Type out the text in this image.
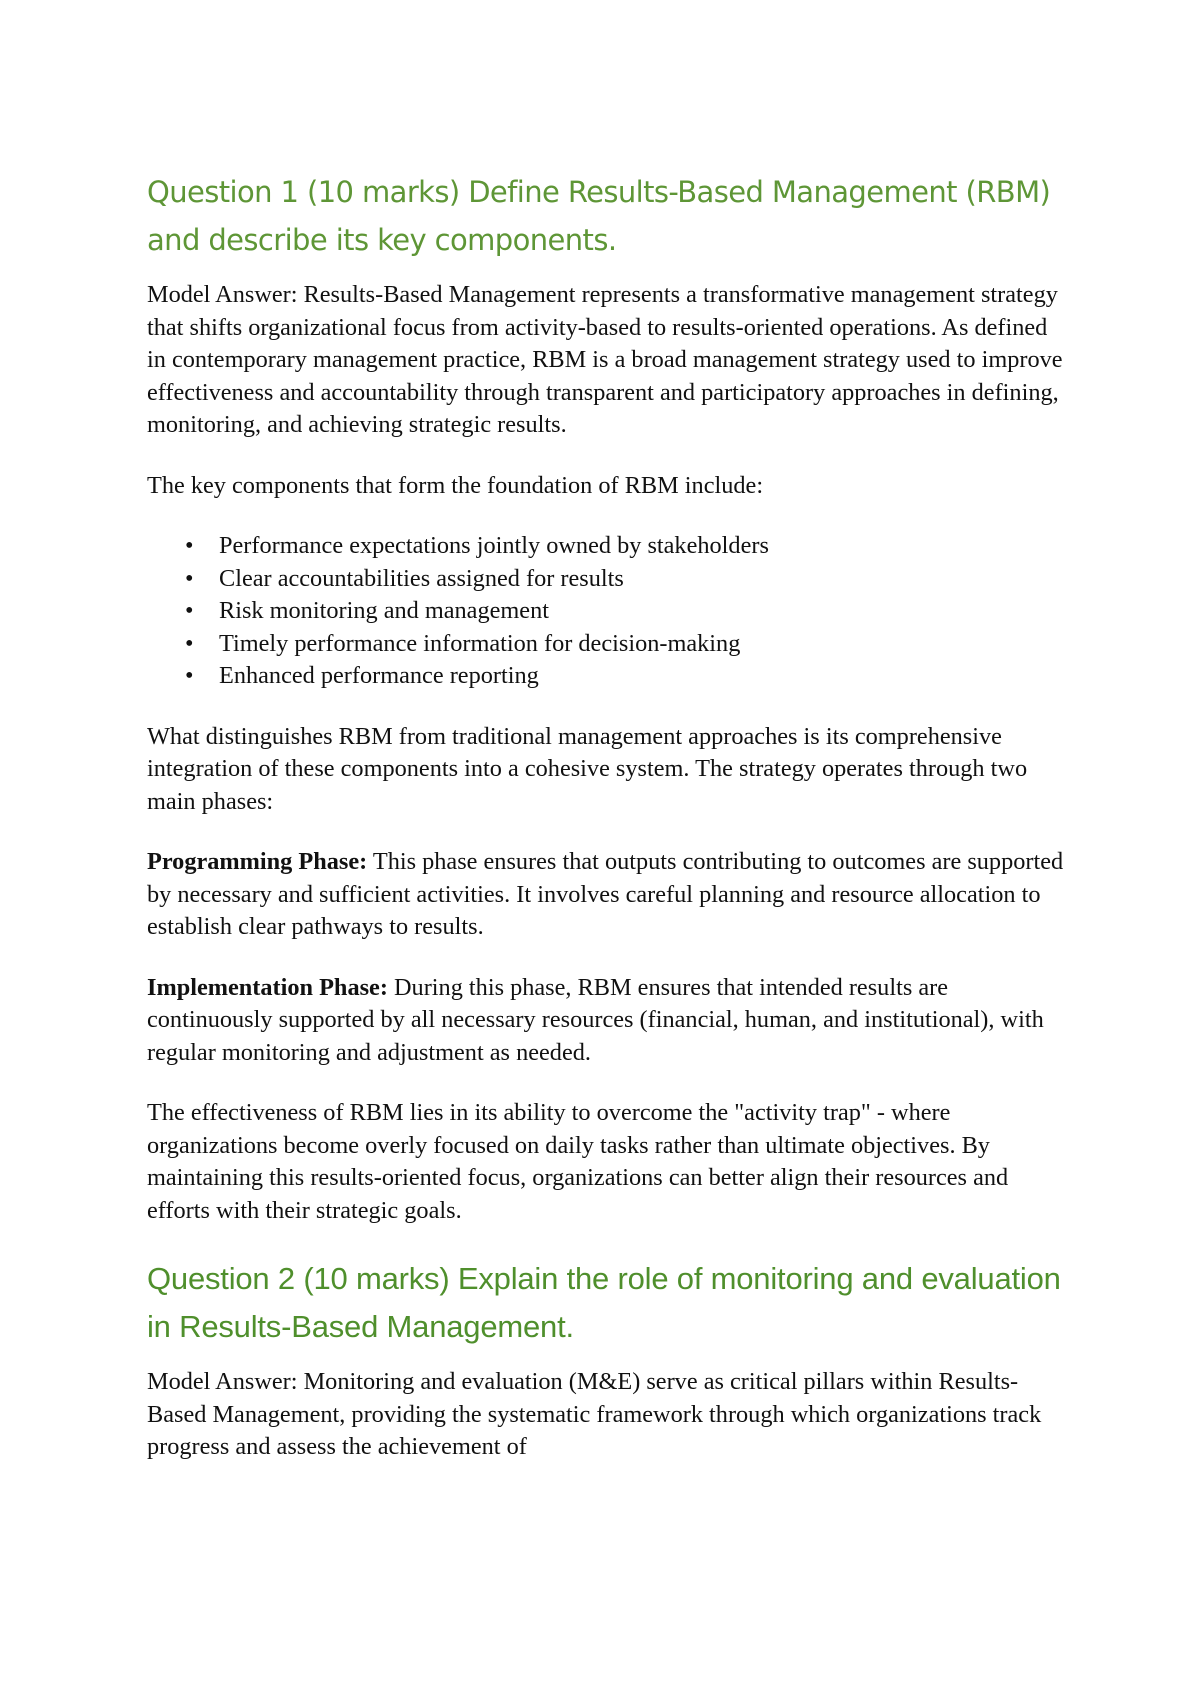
Question 1 (10 marks) Define Results-Based Management (RBM) and describe its key components.

Model Answer: Results-Based Management represents a transformative management strategy that shifts organizational focus from activity-based to results-oriented operations. As defined in contemporary management practice, RBM is a broad management strategy used to improve effectiveness and accountability through transparent and participatory approaches in defining, monitoring, and achieving strategic results.

The key components that form the foundation of RBM include:

• Performance expectations jointly owned by stakeholders
• Clear accountabilities assigned for results
• Risk monitoring and management
• Timely performance information for decision-making
• Enhanced performance reporting

What distinguishes RBM from traditional management approaches is its comprehensive integration of these components into a cohesive system. The strategy operates through two main phases:

Programming Phase: This phase ensures that outputs contributing to outcomes are supported by necessary and sufficient activities. It involves careful planning and resource allocation to establish clear pathways to results.

Implementation Phase: During this phase, RBM ensures that intended results are continuously supported by all necessary resources (financial, human, and institutional), with regular monitoring and adjustment as needed.

The effectiveness of RBM lies in its ability to overcome the "activity trap" - where organizations become overly focused on daily tasks rather than ultimate objectives. By maintaining this results-oriented focus, organizations can better align their resources and efforts with their strategic goals.

Question 2 (10 marks) Explain the role of monitoring and evaluation in Results-Based Management.

Model Answer: Monitoring and evaluation (M&E) serve as critical pillars within Results-Based Management, providing the systematic framework through which organizations track progress and assess the achievement of
